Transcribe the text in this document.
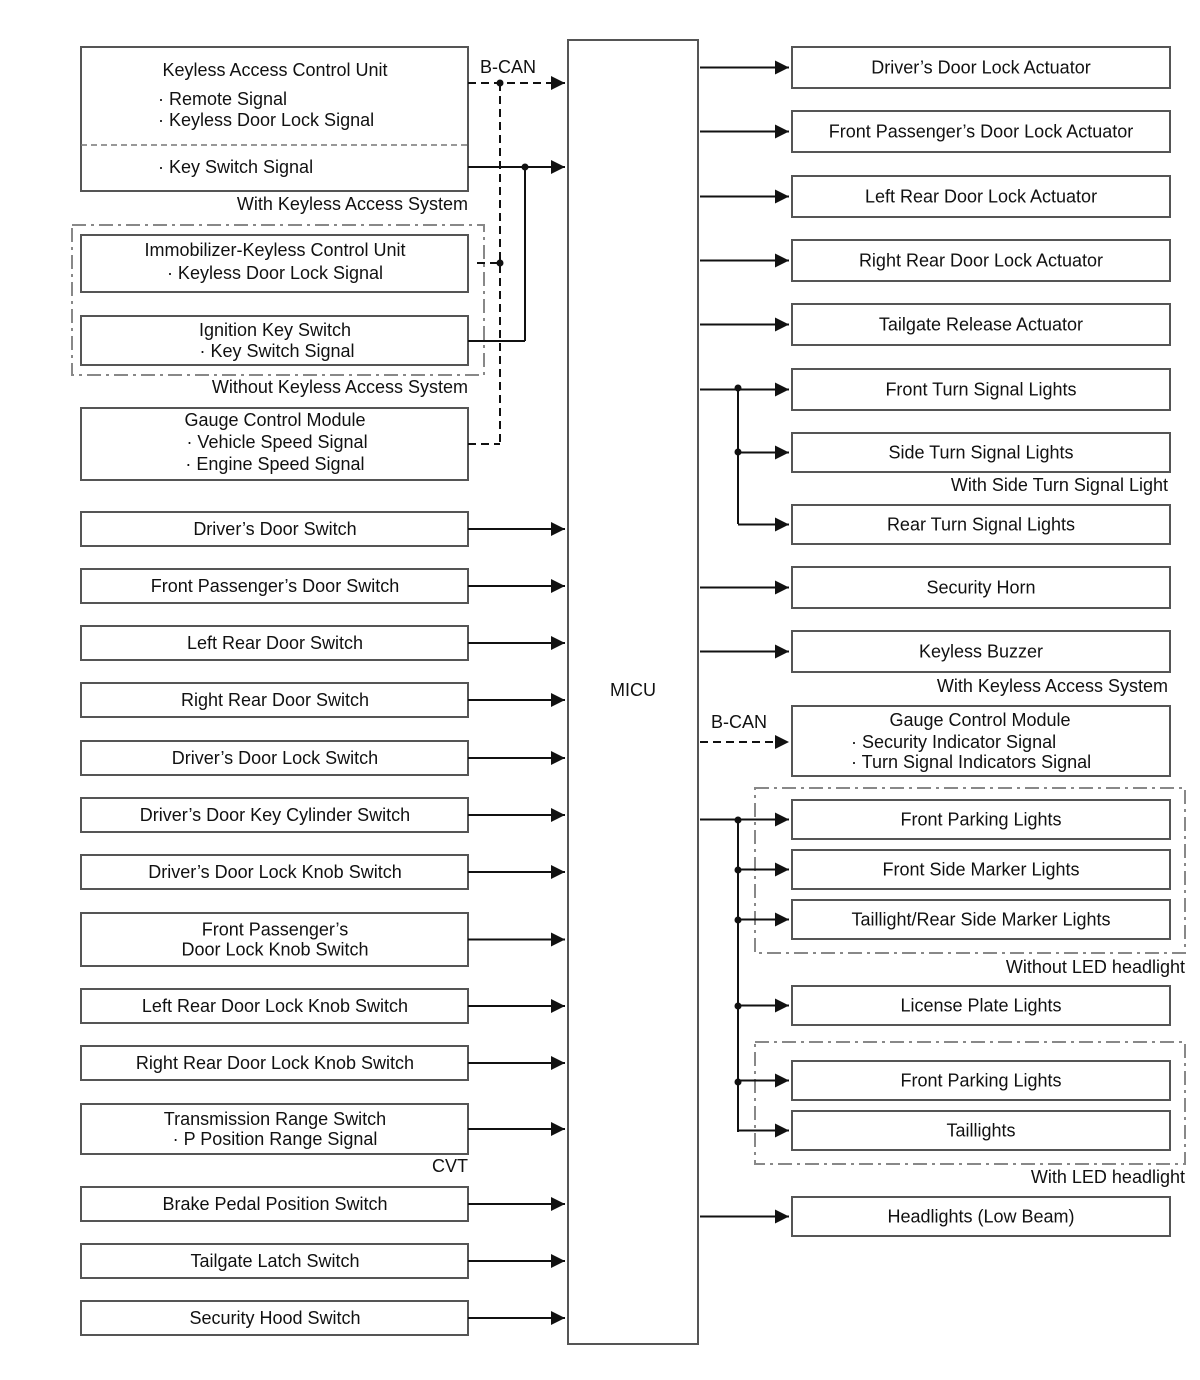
MICU
Keyless Access Control Unit
· Remote Signal
· Keyless Door Lock Signal
· Key Switch Signal
With Keyless Access System
Immobilizer-Keyless Control Unit
· Keyless Door Lock Signal
Ignition Key Switch
· Key Switch Signal
Without Keyless Access System
Gauge Control Module
· Vehicle Speed Signal
· Engine Speed Signal
B-CAN
Driver’s Door Switch
Front Passenger’s Door Switch
Left Rear Door Switch
Right Rear Door Switch
Driver’s Door Lock Switch
Driver’s Door Key Cylinder Switch
Driver’s Door Lock Knob Switch
Front Passenger’s
Door Lock Knob Switch
Left Rear Door Lock Knob Switch
Right Rear Door Lock Knob Switch
Transmission Range Switch
· P Position Range Signal
Brake Pedal Position Switch
Tailgate Latch Switch
Security Hood Switch
CVT
Driver’s Door Lock Actuator
Front Passenger’s Door Lock Actuator
Left Rear Door Lock Actuator
Right Rear Door Lock Actuator
Tailgate Release Actuator
Front Turn Signal Lights
Side Turn Signal Lights
Rear Turn Signal Lights
Security Horn
Keyless Buzzer
Front Parking Lights
Front Side Marker Lights
Taillight/Rear Side Marker Lights
License Plate Lights
Front Parking Lights
Taillights
Headlights (Low Beam)
Gauge Control Module
· Security Indicator Signal
· Turn Signal Indicators Signal
B-CAN
With Side Turn Signal Light
With Keyless Access System
Without LED headlight
With LED headlight
